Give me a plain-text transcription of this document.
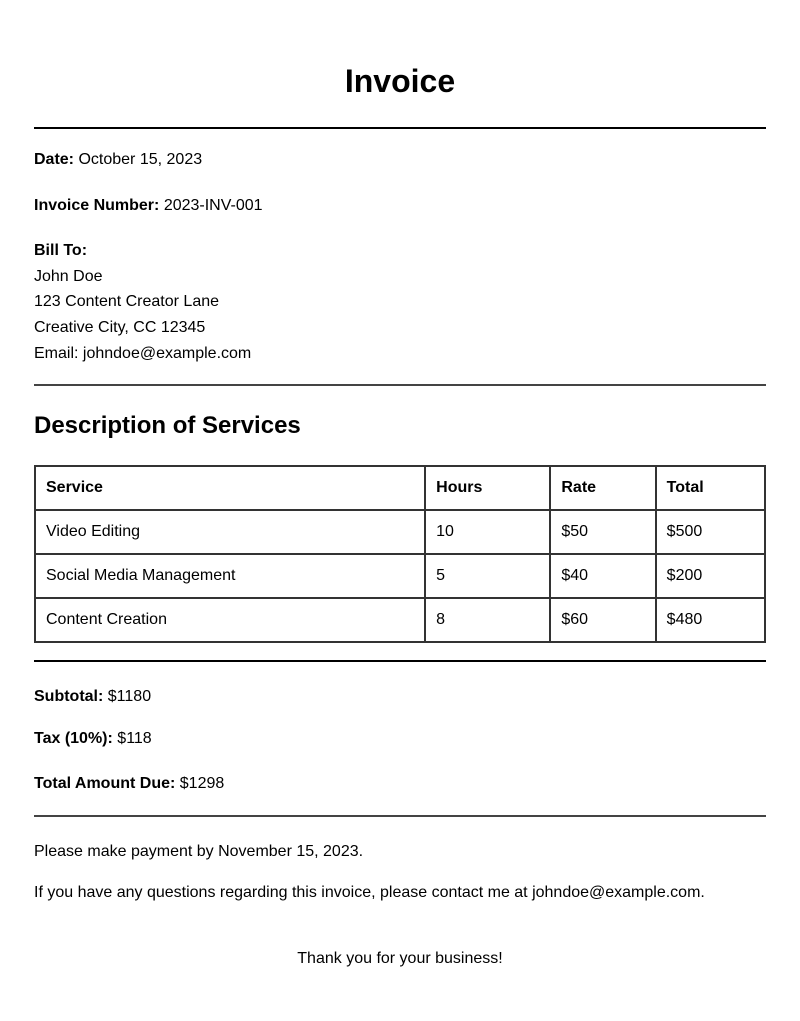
Invoice
Date: October 15, 2023
Invoice Number: 2023-INV-001
Bill To:
John Doe
123 Content Creator Lane
Creative City, CC 12345
Email: johndoe@example.com
Description of Services
Service	Hours	Rate	Total
Video Editing	10	$50	$500
Social Media Management	5	$40	$200
Content Creation	8	$60	$480
Subtotal: $1180
Tax (10%): $118
Total Amount Due: $1298
Please make payment by November 15, 2023.
If you have any questions regarding this invoice, please contact me at johndoe@example.com.
Thank you for your business!
